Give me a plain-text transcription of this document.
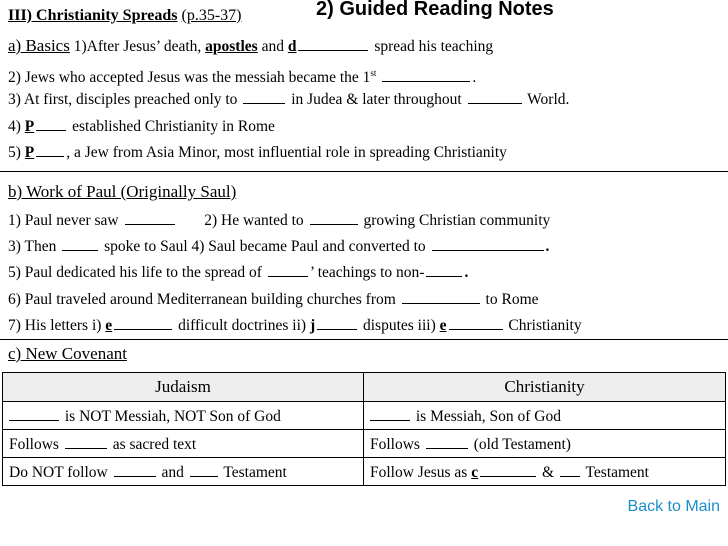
III) Christianity Spreads (p.35-37)	2) Guided Reading Notes
a) Basics 1)After Jesus’ death, apostles and d	spread his teaching
2) Jews who accepted Jesus was the messiah became the 1st	.
3) At first, disciples preached only to	in Judea & later throughout	World.
4) P established Christianity in Rome
5) P , a Jew from Asia Minor, most influential role in spreading Christianity
b) Work of Paul (Originally Saul)
1) Paul never saw	2) He wanted to	growing Christian community
3) Then	spoke to Saul 4) Saul became Paul and converted to	.
5) Paul dedicated his life to the spread of	’ teachings to non-	.
6) Paul traveled around Mediterranean building churches from	to Rome
7) His letters i) e	difficult doctrines ii) j	disputes iii) e	Christianity
c) New Covenant
Judaism	Christianity
is NOT Messiah, NOT Son of God	is Messiah, Son of God
Follows as sacred text	Follows (old Testament)
Do NOT follow and Testament	Follow Jesus as c & Testament
Back to Main
